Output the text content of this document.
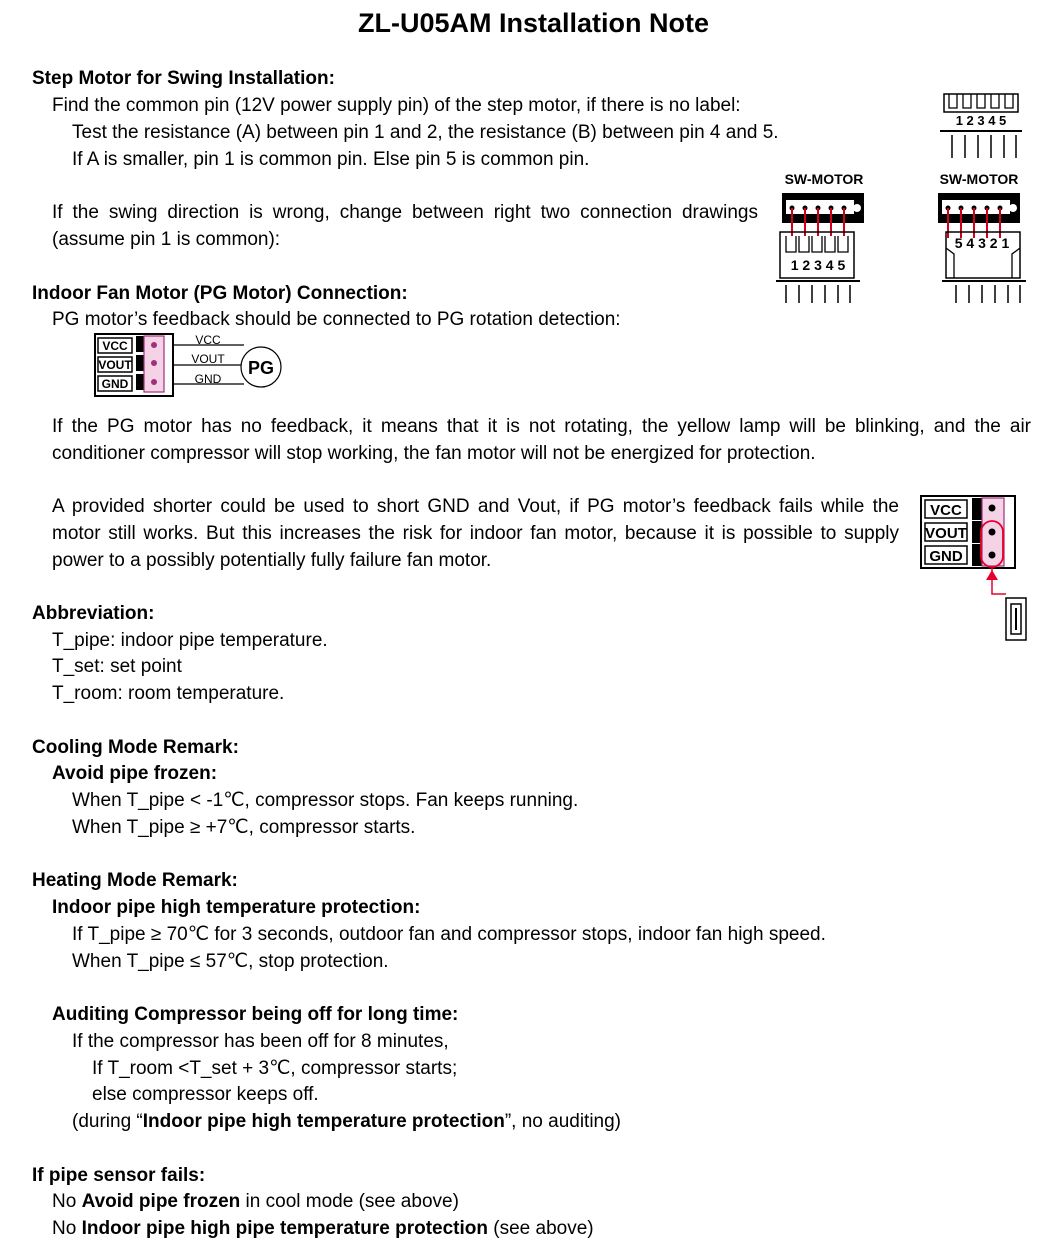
ZL-U05AM Installation Note
Step Motor for Swing Installation:
Find the common pin (12V power supply pin) of the step motor, if there is no label:
Test the resistance (A) between pin 1 and 2, the resistance (B) between pin 4 and 5.
If A is smaller, pin 1 is common pin. Else pin 5 is common pin.
If the swing direction is wrong, change between right two connection drawings
(assume pin 1 is common):
1 2 3 4 5
SW-MOTOR
1 2 3 4 5
SW-MOTOR
5 4 3 2 1
Indoor Fan Motor (PG Motor) Connection:
PG motor’s feedback should be connected to PG rotation detection:
VCC
VOUT
GND
VCC
VOUT
GND
PG
If the PG motor has no feedback, it means that it is not rotating, the yellow lamp will be blinking, and the air
conditioner compressor will stop working, the fan motor will not be energized for protection.
A provided shorter could be used to short GND and Vout, if PG motor’s feedback fails while the
motor still works. But this increases the risk for indoor fan motor, because it is possible to supply
power to a possibly potentially fully failure fan motor.
VCC
VOUT
GND
Abbreviation:
T_pipe: indoor pipe temperature.
T_set: set point
T_room: room temperature.
Cooling Mode Remark:
Avoid pipe frozen:
When T_pipe < -1℃, compressor stops. Fan keeps running.
When T_pipe ≥ +7℃, compressor starts.
Heating Mode Remark:
Indoor pipe high temperature protection:
If T_pipe ≥ 70℃ for 3 seconds, outdoor fan and compressor stops, indoor fan high speed.
When T_pipe ≤ 57℃, stop protection.
Auditing Compressor being off for long time:
If the compressor has been off for 8 minutes,
If T_room <T_set + 3℃, compressor starts;
else compressor keeps off.
(during “Indoor pipe high temperature protection”, no auditing)
If pipe sensor fails:
No Avoid pipe frozen in cool mode (see above)
No Indoor pipe high pipe temperature protection (see above)
